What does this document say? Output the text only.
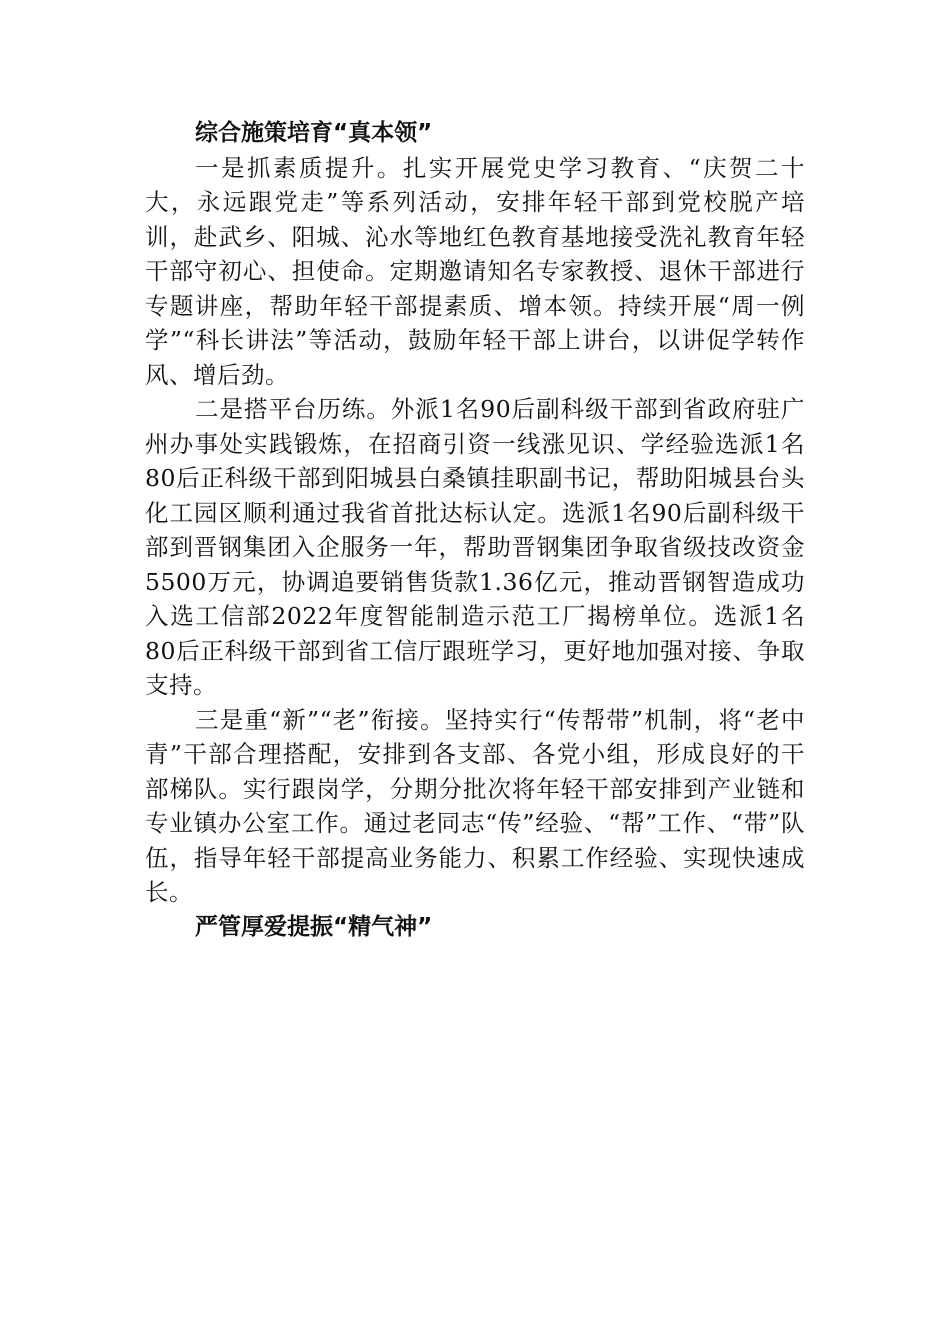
综合施策培育“真本领”

一是抓素质提升。扎实开展党史学习教育、“庆贺二十大，永远跟党走”等系列活动，安排年轻干部到党校脱产培训，赴武乡、阳城、沁水等地红色教育基地接受洗礼教育年轻干部守初心、担使命。定期邀请知名专家教授、退休干部进行专题讲座，帮助年轻干部提素质、增本领。持续开展“周一例学”“科长讲法”等活动，鼓励年轻干部上讲台，以讲促学转作风、增后劲。

二是搭平台历练。外派1名90后副科级干部到省政府驻广州办事处实践锻炼，在招商引资一线涨见识、学经验选派1名80后正科级干部到阳城县白桑镇挂职副书记，帮助阳城县台头化工园区顺利通过我省首批达标认定。选派1名90后副科级干部到晋钢集团入企服务一年，帮助晋钢集团争取省级技改资金5500万元，协调追要销售货款1.36亿元，推动晋钢智造成功入选工信部2022年度智能制造示范工厂揭榜单位。选派1名80后正科级干部到省工信厅跟班学习，更好地加强对接、争取支持。

三是重“新”“老”衔接。坚持实行“传帮带”机制，将“老中青”干部合理搭配，安排到各支部、各党小组，形成良好的干部梯队。实行跟岗学，分期分批次将年轻干部安排到产业链和专业镇办公室工作。通过老同志“传”经验、“帮”工作、“带”队伍，指导年轻干部提高业务能力、积累工作经验、实现快速成长。

严管厚爱提振“精气神”
